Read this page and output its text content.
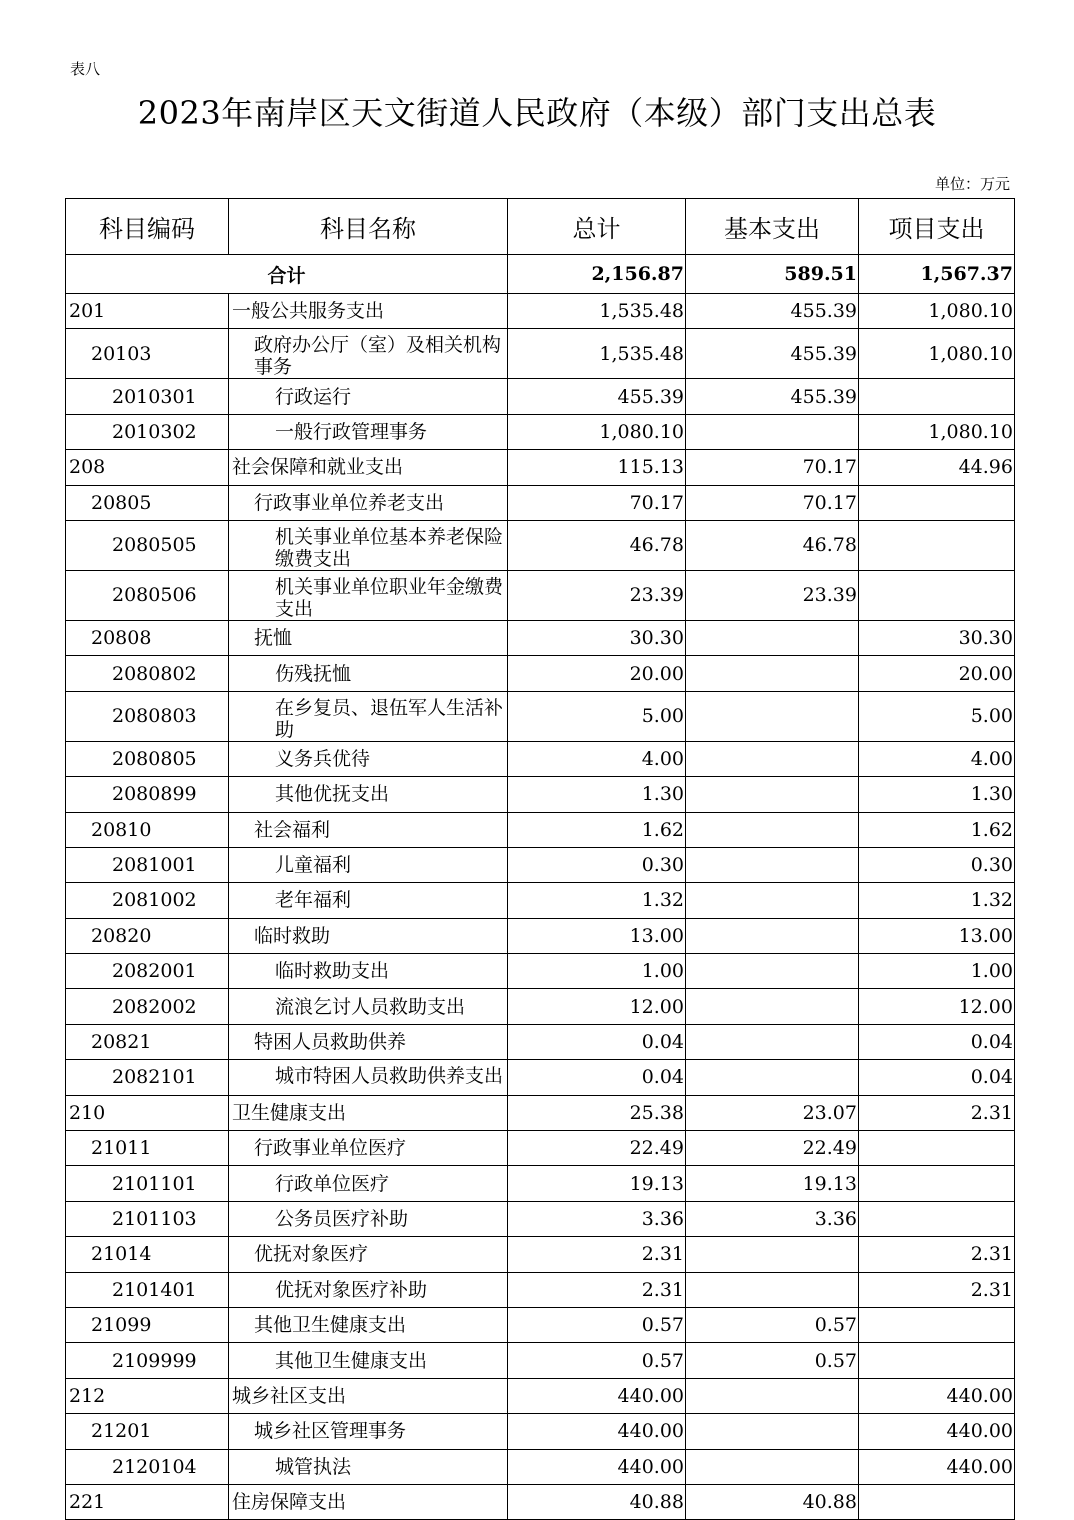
表八
2023年南岸区天文街道人民政府（本级）部门支出总表
单位：万元
科目编码	科目名称	总计	基本支出	项目支出
合计		2,156.87	589.51	1,567.37
201	一般公共服务支出	1,535.48	455.39	1,080.10
20103	政府办公厅（室）及相关机构事务	1,535.48	455.39	1,080.10
2010301	行政运行	455.39	455.39	
2010302	一般行政管理事务	1,080.10		1,080.10
208	社会保障和就业支出	115.13	70.17	44.96
20805	行政事业单位养老支出	70.17	70.17	
2080505	机关事业单位基本养老保险缴费支出	46.78	46.78	
2080506	机关事业单位职业年金缴费支出	23.39	23.39	
20808	抚恤	30.30		30.30
2080802	伤残抚恤	20.00		20.00
2080803	在乡复员、退伍军人生活补助	5.00		5.00
2080805	义务兵优待	4.00		4.00
2080899	其他优抚支出	1.30		1.30
20810	社会福利	1.62		1.62
2081001	儿童福利	0.30		0.30
2081002	老年福利	1.32		1.32
20820	临时救助	13.00		13.00
2082001	临时救助支出	1.00		1.00
2082002	流浪乞讨人员救助支出	12.00		12.00
20821	特困人员救助供养	0.04		0.04
2082101	城市特困人员救助供养支出	0.04		0.04
210	卫生健康支出	25.38	23.07	2.31
21011	行政事业单位医疗	22.49	22.49	
2101101	行政单位医疗	19.13	19.13	
2101103	公务员医疗补助	3.36	3.36	
21014	优抚对象医疗	2.31		2.31
2101401	优抚对象医疗补助	2.31		2.31
21099	其他卫生健康支出	0.57	0.57	
2109999	其他卫生健康支出	0.57	0.57	
212	城乡社区支出	440.00		440.00
21201	城乡社区管理事务	440.00		440.00
2120104	城管执法	440.00		440.00
221	住房保障支出	40.88	40.88	
